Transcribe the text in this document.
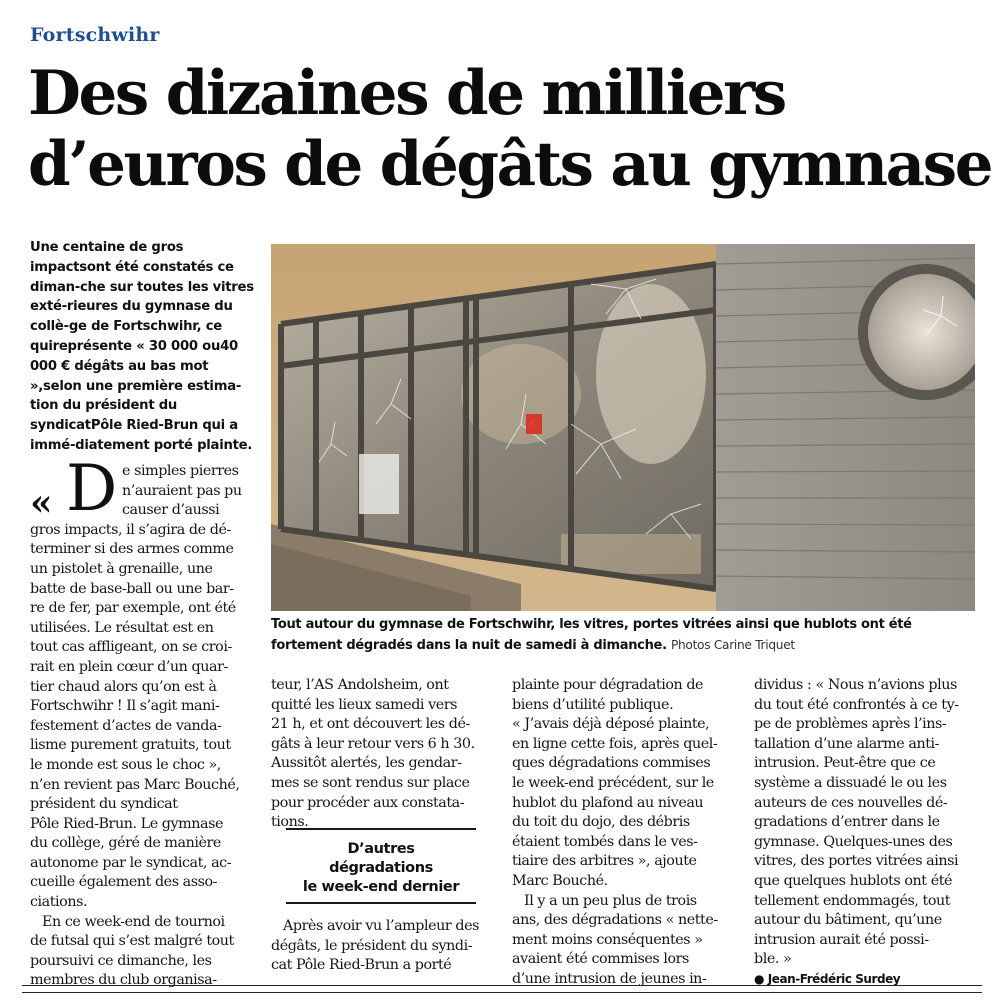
Fortschwihr
Des dizaines de milliers
d’euros de dégâts au gymnase
Une centaine de gros impactsont été constatés ce diman-che sur toutes les vitres exté-rieures du gymnase du collè-ge de Fortschwihr, ce quireprésente « 30 000 ou40 000 € dégâts au bas mot »,selon une première estima-tion du président du syndicatPôle Ried-Brun qui a immé-diatement porté plainte.
🚫
Tout autour du gymnase de Fortschwihr, les vitres, portes vitrées ainsi que hublots ont été fortement dégradés dans la nuit de samedi à dimanche. Photos Carine Triquet
« D e simples pierres
n’auraient pas pu
causer d’aussi
gros impacts, il s’agira de dé-
terminer si des armes comme
un pistolet à grenaille, une
batte de base-ball ou une bar-
re de fer, par exemple, ont été
utilisées. Le résultat est en
tout cas affligeant, on se croi-
rait en plein cœur d’un quar-
tier chaud alors qu’on est à
Fortschwihr ! Il s’agit mani-
festement d’actes de vanda-
lisme purement gratuits, tout
le monde est sous le choc »,
n’en revient pas Marc Bouché,
président du syndicat
Pôle Ried-Brun. Le gymnase
du collège, géré de manière
autonome par le syndicat, ac-
cueille également des asso-
ciations.
En ce week-end de tournoi
de futsal qui s’est malgré tout
poursuivi ce dimanche, les
membres du club organisa-
teur, l’AS Andolsheim, ont
quitté les lieux samedi vers
21 h, et ont découvert les dé-
gâts à leur retour vers 6 h 30.
Aussitôt alertés, les gendar-
mes se sont rendus sur place
pour procéder aux constata-
tions.
D’autres
dégradations
le week-end dernier
Après avoir vu l’ampleur des
dégâts, le président du syndi-
cat Pôle Ried-Brun a porté
plainte pour dégradation de
biens d’utilité publique.
« J’avais déjà déposé plainte,
en ligne cette fois, après quel-
ques dégradations commises
le week-end précédent, sur le
hublot du plafond au niveau
du toit du dojo, des débris
étaient tombés dans le ves-
tiaire des arbitres », ajoute
Marc Bouché.
Il y a un peu plus de trois
ans, des dégradations « nette-
ment moins conséquentes »
avaient été commises lors
d’une intrusion de jeunes in-
dividus : « Nous n’avions plus
du tout été confrontés à ce ty-
pe de problèmes après l’ins-
tallation d’une alarme anti-
intrusion. Peut-être que ce
système a dissuadé le ou les
auteurs de ces nouvelles dé-
gradations d’entrer dans le
gymnase. Quelques-unes des
vitres, des portes vitrées ainsi
que quelques hublots ont été
tellement endommagés, tout
autour du bâtiment, qu’une
intrusion aurait été possi-
ble. »
● Jean-Frédéric Surdey
